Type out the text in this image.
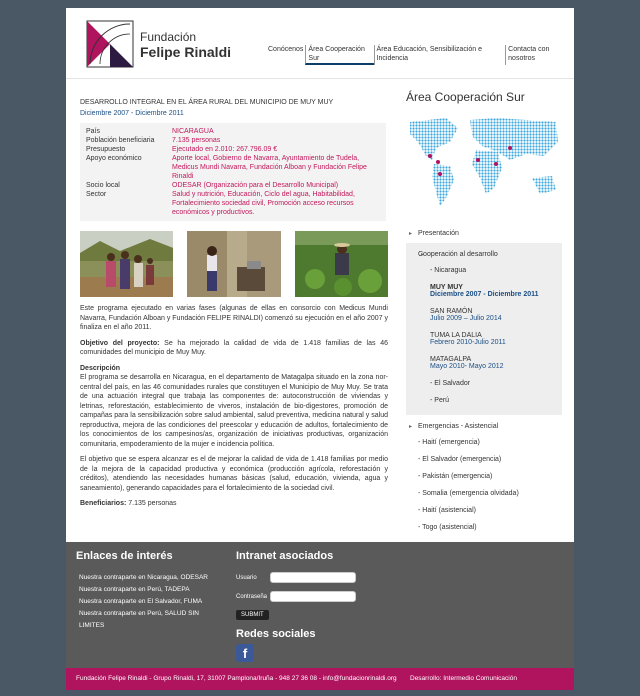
Fundación
Felipe Rinaldi	Conócenos Área Cooperación Sur
Área Educación, Sensibilización e Incidencia
Contacta con nosotros
DESARROLLO INTEGRAL EN EL ÁREA RURAL DEL MUNICIPIO DE MUY MUY
Diciembre 2007 - Diciembre 2011
País	NICARAGUA
Población beneficiaria	7.135 personas
Presupuesto	Ejecutado en 2.010: 267.796.09 €
Apoyo económico	Aporte local, Gobierno de Navarra, Ayuntamiento de Tudela, Medicus Mundi Navarra, Fundación Alboan y Fundación Felipe Rinaldi
Socio local	ODESAR (Organización para el Desarrollo Municipal)
Sector	Salud y nutrición, Educación, Ciclo del agua, Habitabilidad, Fortalecimiento sociedad civil, Promoción acceso recursos económicos y productivos.

Este programa ejecutado en varias fases (algunas de ellas en consorcio con Medicus Mundi Navarra, Fundación Alboan y Fundación FELIPE RINALDI) comenzó su ejecución en el año 2007 y finaliza en el año 2011.

Objetivo del proyecto: Se ha mejorado la calidad de vida de 1.418 familias de las 46 comunidades del municipio de Muy Muy.

Descripción
El programa se desarrolla en Nicaragua, en el departamento de Matagalpa situado en la zona nor-central del país, en las 46 comunidades rurales que constituyen el Municipio de Muy Muy. Se trata de una actuación integral que trabaja las componentes de: autoconstrucción de viviendas y letrinas, reforestación, establecimiento de viveros, instalación de bio-digestores, promoción de campañas para la sensibilización sobre salud ambiental, salud preventiva, medicina natural y salud reproductiva, mejora de las condiciones del preescolar y educación de adultos, fortalecimiento de los conocimientos de los campesinos/as, organización de iniciativas productivas, organización comunitaria, empoderamiento de la mujer e incidencia política.

El objetivo que se espera alcanzar es el de mejorar la calidad de vida de 1.418 familias por medio de la mejora de la capacidad productiva y económica (producción agrícola, reforestación y créditos), atendiendo las necesidades humanas básicas (salud, educación, vivienda, agua y saneamiento), generando capacidades para el fortalecimiento de la sociedad civil.

Beneficiarios: 7.135 personas

Área Cooperación Sur
▸ Presentación
▸ Cooperación al desarrollo
- Nicaragua
MUY MUY
Diciembre 2007 - Diciembre 2011
SAN RAMÓN
Julio 2009 – Julio 2014
TUMA LA DALIA
Febrero 2010-Julio 2011
MATAGALPA
Mayo 2010- Mayo 2012
- El Salvador
- Perú
▸ Emergencias - Asistencial
- Haití (emergencia)
- El Salvador (emergencia)
- Pakistán (emergencia)
- Somalia (emergencia olvidada)
- Haití (asistencial)
- Togo (asistencial)
Enlaces de interés
Nuestra contraparte en Nicaragua, ODESAR
Nuestra contraparte en Perú, TADEPA
Nuestra contraparte en El Salvador, FUMA
Nuestra contraparte en Perú, SALUD SIN LIMITES
Intranet asociados
Usuario
Contraseña
SUBMIT
Redes sociales
f
Fundación Felipe Rinaldi - Grupo Rinaldi, 17, 31007 Pamplona/Iruña - 948 27 36 08 - info@fundacionrinaldi.org Desarrollo: Intermedio Comunicación
